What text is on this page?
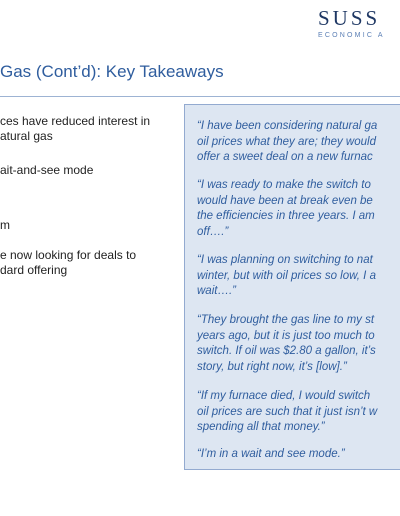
SUSS
ECONOMIC A
Gas (Cont’d): Key Takeaways
ces have reduced interest in
atural gas
ait-and-see mode
m
e now looking for deals to
dard offering
“I have been considering natural ga
oil prices what they are; they would
offer a sweet deal on a new furnac
“I was ready to make the switch to
would have been at break even be
the efficiencies in three years. I am
off….”
“I was planning on switching to nat
winter, but with oil prices so low, I a
wait….”
“They brought the gas line to my st
years ago, but it is just too much to
switch. If oil was $2.80 a gallon, it’s
story, but right now, it’s [low].”
“If my furnace died, I would switch
oil prices are such that it just isn’t w
spending all that money.”
“I’m in a wait and see mode.”
